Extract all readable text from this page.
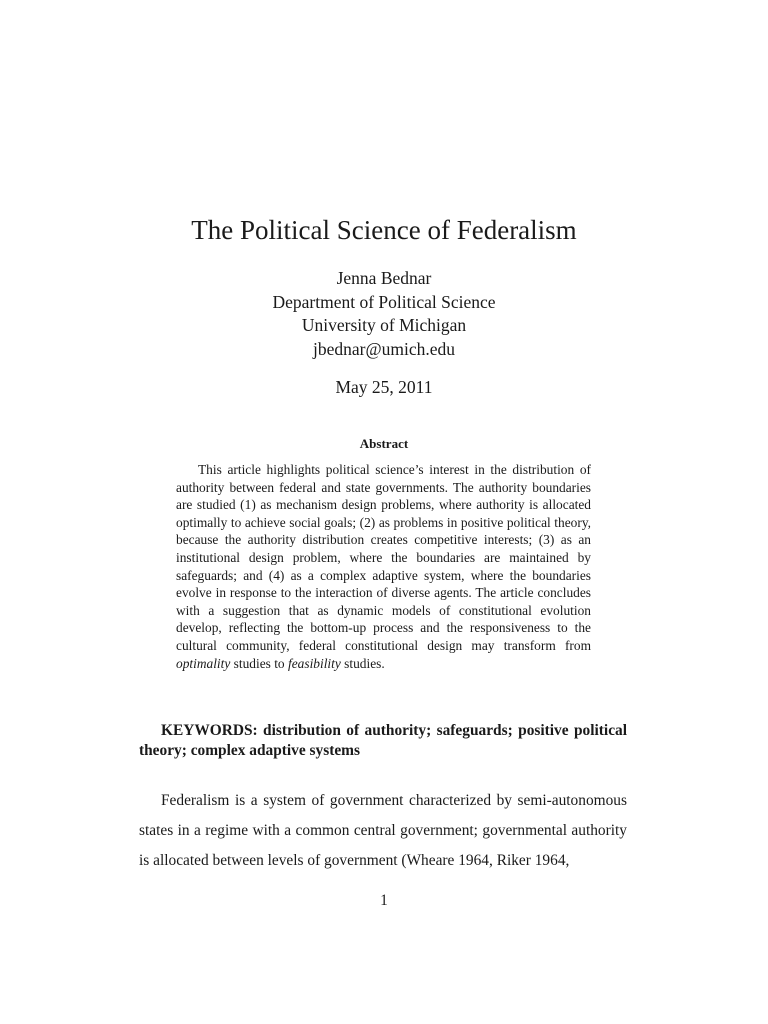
The Political Science of Federalism
Jenna Bednar
Department of Political Science
University of Michigan
jbednar@umich.edu
May 25, 2011
Abstract
This article highlights political science’s interest in the distribution of authority between federal and state governments. The authority boundaries are studied (1) as mechanism design problems, where authority is allocated optimally to achieve social goals; (2) as problems in positive political theory, because the authority distribution creates competitive interests; (3) as an institutional design problem, where the boundaries are maintained by safeguards; and (4) as a complex adaptive system, where the boundaries evolve in response to the interaction of diverse agents. The article concludes with a suggestion that as dynamic models of constitutional evolution develop, reflecting the bottom-up process and the responsiveness to the cultural community, federal constitutional design may transform from optimality studies to feasibility studies.
KEYWORDS: distribution of authority; safeguards; positive political theory; complex adaptive systems
Federalism is a system of government characterized by semi-autonomous states in a regime with a common central government; governmental authority is allocated between levels of government (Wheare 1964, Riker 1964,
1
